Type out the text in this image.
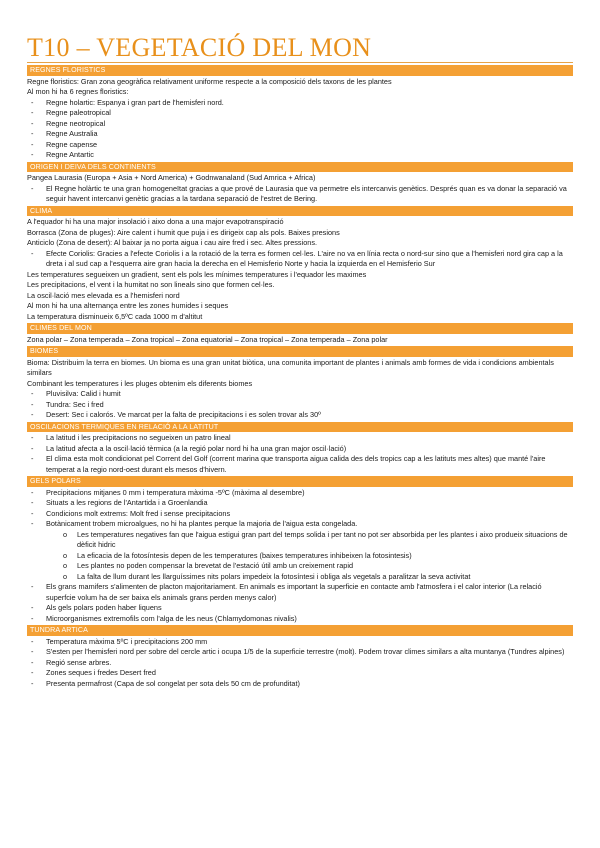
T10 – VEGETACIÓ DEL MON
REGNES FLORISTICS

Regne floristics: Gran zona geogràfica relativament uniforme respecte a la composició dels taxons de les plantes

Al mon hi ha 6 regnes floristics:

- Regne holartic: Espanya i gran part de l'hemisferi nord.
- Regne paleotropical
- Regne neotropical
- Regne Australia
- Regne capense
- Regne Antartic
ORIGEN I DEIVA DELS CONTINENTS

Pangea Laurasia (Europa + Asia + Nord America) + Godnwanaland (Sud Amrica + Africa)

- El Regne holàrtic te una gran homogeneïtat gracias a que prové de Laurasia que va permetre els intercanvis genètics. Després quan es va donar la separació va seguir havent intercanvi genètic gracias a la tardana separació de l'estret de Bering.
CLIMA

A l'equador hi ha una major insolació i aixo dona a una major evapotranspiració

Borrasca (Zona de pluges): Aire calent i humit que puja i es dirigeix cap als pols. Baixes presions

Anticiclo (Zona de desert): Al baixar ja no porta aigua i cau aire fred i sec. Altes pressions.

- Efecte Coriolis: Gracies a l'efecte Coriolis i a la rotació de la terra es formen cel·les. L'aire no va en línia recta o nord-sur sino que a l'hemisferi nord gira cap a la dreta i al sud cap a l'esquerra aire gran hacia la derecha en el Hemisferio Norte y hacia la izquierda en el Hemisferio Sur

Les temperatures segueixen un gradient, sent els pols les mínimes temperatures i l'equador les maximes

Les precipitacions, el vent i la humitat no son lineals sino que formen cel·les.

La oscil·lació mes elevada es a l'hemisferi nord

Al mon hi ha una alternança entre les zones humides i seques

La temperatura disminueix 6,5ºC cada 1000 m d'altitut

CLIMES DEL MON

Zona polar – Zona temperada – Zona tropical – Zona equatorial – Zona tropical – Zona temperada – Zona polar

BIOMES

Bioma: Distribuim la terra en biomes. Un bioma es una gran unitat biòtica, una comunita important de plantes i animals amb formes de vida i condicions ambientals similars

Combinant les temperatures i les pluges obtenim els diferents biomes

- Pluvisilva: Calid i humit
- Tundra: Sec i fred
- Desert: Sec i calorós. Ve marcat per la falta de precipitacions i es solen trovar als 30º
OSCILACIONS TERMIQUES EN RELACIÓ A LA LATITUT
- La latitud i les precipitacions no segueixen un patro lineal
- La latitud afecta a la oscil·lació tèrmica (a la regió polar nord hi ha una gran major oscil·lació)
- El clima esta molt condicionat pel Corrent del Golf (corrent marina que transporta aigua calida des dels tropics cap a les latituts mes altes) que manté l'aire temperat a la regio nord-oest durant els mesos d'hivern.
GELS POLARS
- Precipitacions mitjanes 0 mm i temperatura màxima -5ºC (màxima al desembre)
- Situats a les regions de l'Antartida i a Groenlandia
- Condicions molt extrems: Molt fred i sense precipitacions
- Botànicament trobem microalgues, no hi ha plantes perque la majoria de l'aigua esta congelada.
o Les temperatures negatives fan que l'aigua estigui gran part del temps solida i per tant no pot ser absorbida per les plantes i aixo produeix situacions de dèficit hidric
o La eficacia de la fotosíntesis depen de les temperatures (baixes temperatures inhibeixen la fotosintesis)
o Les plantes no poden compensar la brevetat de l'estació útil amb un creixement rapid
o La falta de llum durant les llarguíssimes nits polars impedeix la fotosíntesi i obliga als vegetals a paralitzar la seva activitat
- Els grans mamifers s'alimenten de placton majoritariament. En animals es important la superficie en contacte amb l'atmosfera i el calor interior (La relació superfcie volum ha de ser baixa els animals grans perden menys calor)
- Als gels polars poden haber liquens
- Microorganismes extremofils com l'alga de les neus (Chlamydomonas nivalis)
TUNDRA ARTICA
- Temperatura màxima 5ºC i precipitacions 200 mm
- S'esten per l'hemisferi nord per sobre del cercle artic i ocupa 1/5 de la superficie terrestre (molt). Podem trovar climes similars a alta muntanya (Tundres alpines)
- Regió sense arbres.
- Zones seques i fredes Desert fred
- Presenta permafrost (Capa de sol congelat per sota dels 50 cm de profunditat)
